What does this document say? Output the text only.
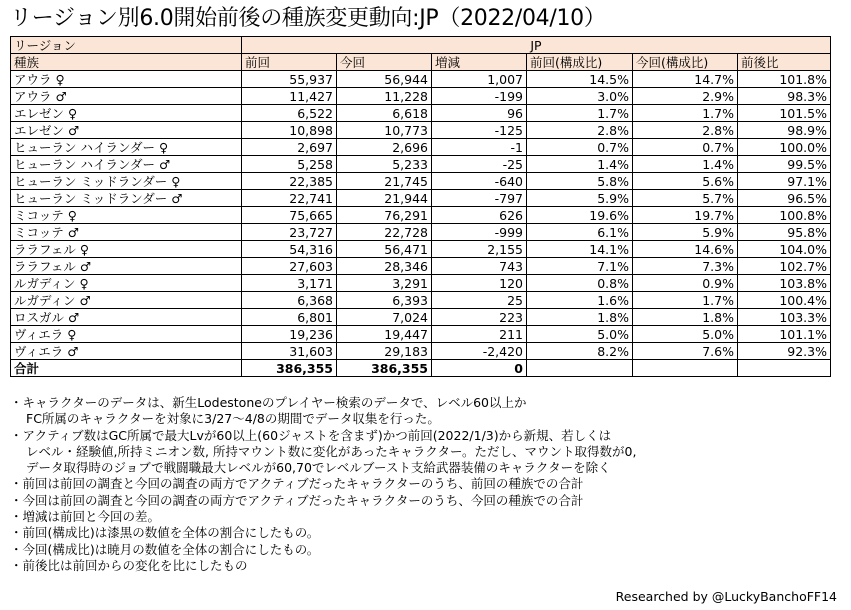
リージョン別6.0開始前後の種族変更動向:JP（2022/04/10）
リージョン	JP					
種族	前回	今回	増減	前回(構成比)	今回(構成比)	前後比
アウラ ♀	55,937	56,944	1,007	14.5%	14.7%	101.8%
アウラ ♂	11,427	11,228	-199	3.0%	2.9%	98.3%
エレゼン ♀	6,522	6,618	96	1.7%	1.7%	101.5%
エレゼン ♂	10,898	10,773	-125	2.8%	2.8%	98.9%
ヒューラン ハイランダー ♀	2,697	2,696	-1	0.7%	0.7%	100.0%
ヒューラン ハイランダー ♂	5,258	5,233	-25	1.4%	1.4%	99.5%
ヒューラン ミッドランダー ♀	22,385	21,745	-640	5.8%	5.6%	97.1%
ヒューラン ミッドランダー ♂	22,741	21,944	-797	5.9%	5.7%	96.5%
ミコッテ ♀	75,665	76,291	626	19.6%	19.7%	100.8%
ミコッテ ♂	23,727	22,728	-999	6.1%	5.9%	95.8%
ララフェル ♀	54,316	56,471	2,155	14.1%	14.6%	104.0%
ララフェル ♂	27,603	28,346	743	7.1%	7.3%	102.7%
ルガディン ♀	3,171	3,291	120	0.8%	0.9%	103.8%
ルガディン ♂	6,368	6,393	25	1.6%	1.7%	100.4%
ロスガル ♂	6,801	7,024	223	1.8%	1.8%	103.3%
ヴィエラ ♀	19,236	19,447	211	5.0%	5.0%	101.1%
ヴィエラ ♂	31,603	29,183	-2,420	8.2%	7.6%	92.3%
合計	386,355	386,355	0			
・キャラクターのデータは、新生Lodestoneのプレイヤー検索のデータで、レベル60以上か
FC所属のキャラクターを対象に3/27～4/8の期間でデータ収集を行った。
・アクティブ数はGC所属で最大Lvが60以上(60ジャストを含まず)かつ前回(2022/1/3)から新規、若しくは
レベル・経験値,所持ミニオン数, 所持マウント数に変化があったキャラクター。ただし、マウント取得数が0,
データ取得時のジョブで戦闘職最大レベルが60,70でレベルブースト支給武器装備のキャラクターを除く
・前回は前回の調査と今回の調査の両方でアクティブだったキャラクターのうち、前回の種族での合計
・今回は前回の調査と今回の調査の両方でアクティブだったキャラクターのうち、今回の種族での合計
・増減は前回と今回の差。
・前回(構成比)は漆黒の数値を全体の割合にしたもの。
・今回(構成比)は暁月の数値を全体の割合にしたもの。
・前後比は前回からの変化を比にしたもの
Researched by @LuckyBanchoFF14
